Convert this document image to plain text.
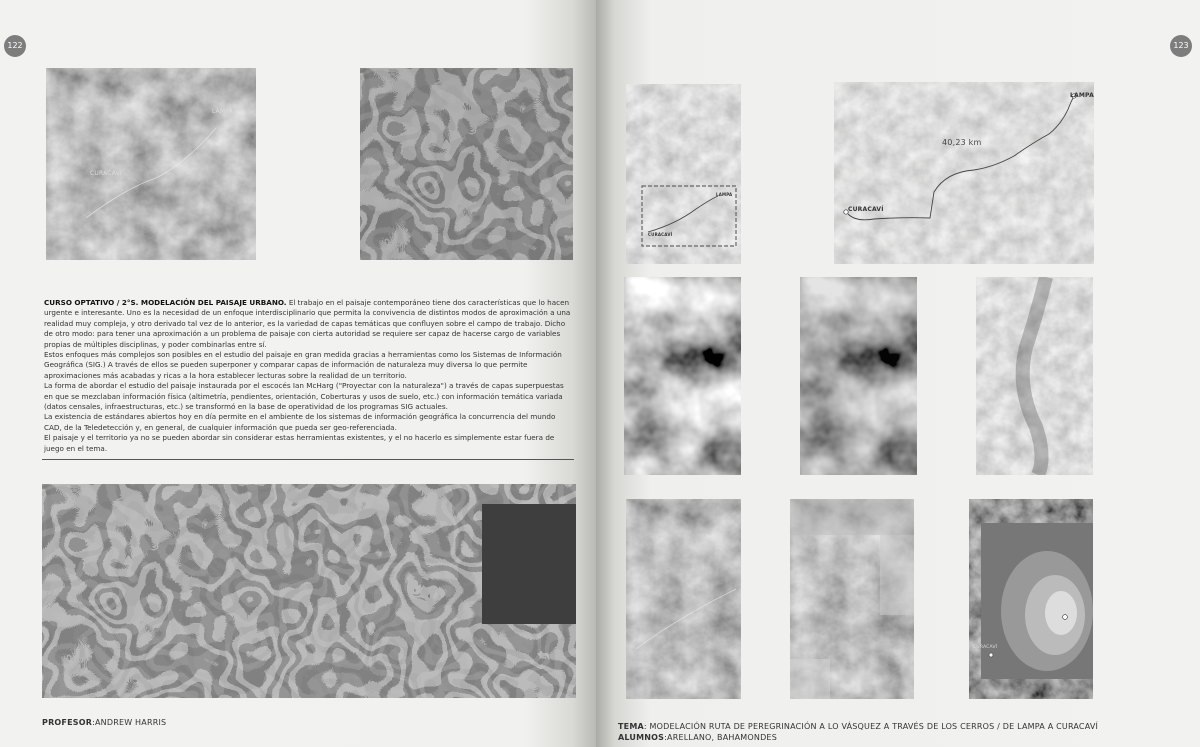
122
LAMPA
CURACAVÍ

CURSO OPTATIVO / 2°S. MODELACIÓN DEL PAISAJE URBANO. El trabajo en el paisaje contemporáneo tiene dos características que lo hacen urgente e interesante. Uno es la necesidad de un enfoque interdisciplinario que permita la convivencia de distintos modos de aproximación a una realidad muy compleja, y otro derivado tal vez de lo anterior, es la variedad de capas temáticas que confluyen sobre el campo de trabajo. Dicho de otro modo: para tener una aproximación a un problema de paisaje con cierta autoridad se requiere ser capaz de hacerse cargo de variables propias de múltiples disciplinas, y poder combinarlas entre sí.

Estos enfoques más complejos son posibles en el estudio del paisaje en gran medida gracias a herramientas como los Sistemas de Información Geográfica (SIG.) A través de ellos se pueden superponer y comparar capas de información de naturaleza muy diversa lo que permite aproximaciones más acabadas y ricas a la hora establecer lecturas sobre la realidad de un territorio.

La forma de abordar el estudio del paisaje instaurada por el escocés Ian McHarg ("Proyectar con la naturaleza") a través de capas superpuestas en que se mezclaban información física (altimetría, pendientes, orientación, Coberturas y usos de suelo, etc.) con información temática variada (datos censales, infraestructuras, etc.) se transformó en la base de operatividad de los programas SIG actuales.

La existencia de estándares abiertos hoy en día permite en el ambiente de los sistemas de información geográfica la concurrencia del mundo CAD, de la Teledetección y, en general, de cualquier información que pueda ser geo-referenciada.

El paisaje y el territorio ya no se pueden abordar sin considerar estas herramientas existentes, y el no hacerlo es simplemente estar fuera de juego en el tema.

PROFESOR:ANDREW HARRIS
123
LAMPA
CURACAVÍ
LAMPA
CURACAVÍ
40,23 km
CURACAVÍ
TEMA: MODELACIÓN RUTA DE PEREGRINACIÓN A LO VÁSQUEZ A TRAVÉS DE LOS CERROS / DE LAMPA A CURACAVÍ
ALUMNOS:ARELLANO, BAHAMONDES
